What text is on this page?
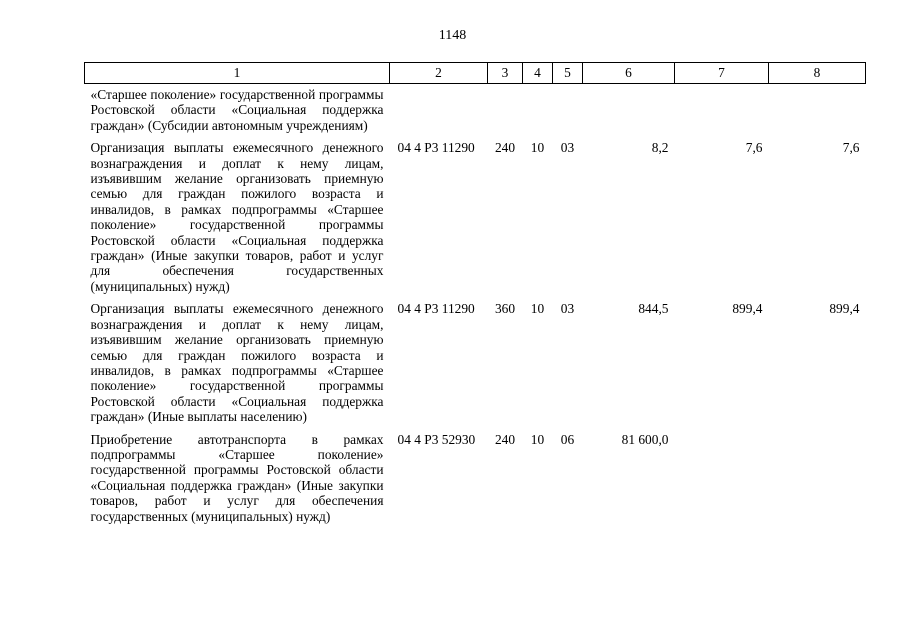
1148
1	2	3	4	5	6	7	8
«Старшее поколение» государственной программы Ростовской области «Социальная поддержка граждан» (Субсидии автономным учреждениям)							
Организация выплаты ежемесячного денежного вознаграждения и доплат к нему лицам, изъявившим желание организовать приемную семью для граждан пожилого возраста и инвалидов, в рамках подпрограммы «Старшее поколение» государственной программы Ростовской области «Социальная поддержка граждан» (Иные закупки товаров, работ и услуг для обеспечения государственных (муниципальных) нужд)	04 4 P3 11290	240	10	03	8,2	7,6	7,6
Организация выплаты ежемесячного денежного вознаграждения и доплат к нему лицам, изъявившим желание организовать приемную семью для граждан пожилого возраста и инвалидов, в рамках подпрограммы «Старшее поколение» государственной программы Ростовской области «Социальная поддержка граждан» (Иные выплаты населению)	04 4 P3 11290	360	10	03	844,5	899,4	899,4
Приобретение автотранспорта в рамках подпрограммы «Старшее поколение» государственной программы Ростовской области «Социальная поддержка граждан» (Иные закупки товаров, работ и услуг для обеспечения государственных (муниципальных) нужд)	04 4 P3 52930	240	10	06	81 600,0		
